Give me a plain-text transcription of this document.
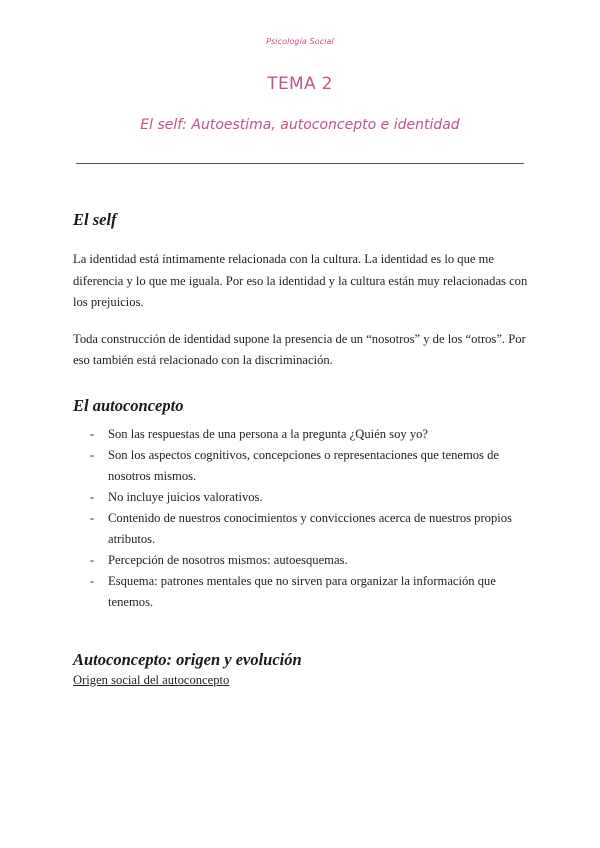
Psicología Social
TEMA 2
El self: Autoestima, autoconcepto e identidad
El self

La identidad está íntimamente relacionada con la cultura. La identidad es lo que me diferencia y lo que me iguala. Por eso la identidad y la cultura están muy relacionadas con los prejuicios.

Toda construcción de identidad supone la presencia de un “nosotros” y de los “otros”. Por eso también está relacionado con la discriminación.

El autoconcepto
- Son las respuestas de una persona a la pregunta ¿Quién soy yo?
- Son los aspectos cognitivos, concepciones o representaciones que tenemos de nosotros mismos.
- No incluye juicios valorativos.
- Contenido de nuestros conocimientos y convicciones acerca de nuestros propios atributos.
- Percepción de nosotros mismos: autoesquemas.
- Esquema: patrones mentales que no sirven para organizar la información que tenemos.
Autoconcepto: origen y evolución

Origen social del autoconcepto
